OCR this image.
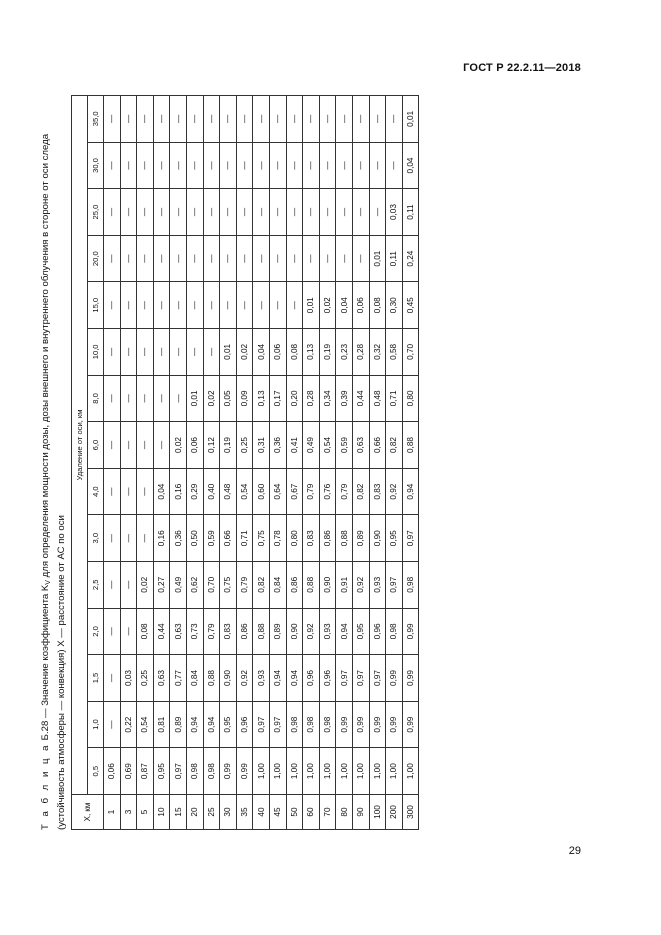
ГОСТ Р 22.2.11—2018

Т а б л и ц а Б.28 — Значение коэффициента $K_V$ для определения мощности дозы, дозы внешнего и внутреннего облучения в стороне от оси следа (устойчивость атмосферы — конвекция) X — расстояние от АС по оси X, км	Удаление от оси, км														
	0,5	1,0	1,5	2,0	2,5	3,0	4,0	6,0	8,0	10,0	15,0	20,0	25,0	30,0	35,0
1	0,06	—	—	—	—	—	—	—	—	—	—	—	—	—	—
3	0,69	0,22	0,03	—	—	—	—	—	—	—	—	—	—	—	—
5	0,87	0,54	0,25	0,08	0,02	—	—	—	—	—	—	—	—	—	—
10	0,95	0,81	0,63	0,44	0,27	0,16	0,04	—	—	—	—	—	—	—	—
15	0,97	0,89	0,77	0,63	0,49	0,36	0,16	0,02	—	—	—	—	—	—	—
20	0,98	0,94	0,84	0,73	0,62	0,50	0,29	0,06	0,01	—	—	—	—	—	—
25	0,98	0,94	0,88	0,79	0,70	0,59	0,40	0,12	0,02	—	—	—	—	—	—
30	0,99	0,95	0,90	0,83	0,75	0,66	0,48	0,19	0,05	0,01	—	—	—	—	—
35	0,99	0,96	0,92	0,86	0,79	0,71	0,54	0,25	0,09	0,02	—	—	—	—	—
40	1,00	0,97	0,93	0,88	0,82	0,75	0,60	0,31	0,13	0,04	—	—	—	—	—
45	1,00	0,97	0,94	0,89	0,84	0,78	0,64	0,36	0,17	0,06	—	—	—	—	—
50	1,00	0,98	0,94	0,90	0,86	0,80	0,67	0,41	0,20	0,08	—	—	—	—	—
60	1,00	0,98	0,96	0,92	0,88	0,83	0,79	0,49	0,28	0,13	0,01	—	—	—	—
70	1,00	0,98	0,96	0,93	0,90	0,86	0,76	0,54	0,34	0,19	0,02	—	—	—	—
80	1,00	0,99	0,97	0,94	0,91	0,88	0,79	0,59	0,39	0,23	0,04	—	—	—	—
90	1,00	0,99	0,97	0,95	0,92	0,89	0,82	0,63	0,44	0,28	0,06	—	—	—	—
100	1,00	0,99	0,97	0,96	0,93	0,90	0,83	0,66	0,48	0,32	0,08	0,01	—	—	—
200	1,00	0,99	0,99	0,98	0,97	0,95	0,92	0,82	0,71	0,58	0,30	0,11	0,03	—	—
300	1,00	0,99	0,99	0,99	0,98	0,97	0,94	0,88	0,80	0,70	0,45	0,24	0,11	0,04	0,01
29
